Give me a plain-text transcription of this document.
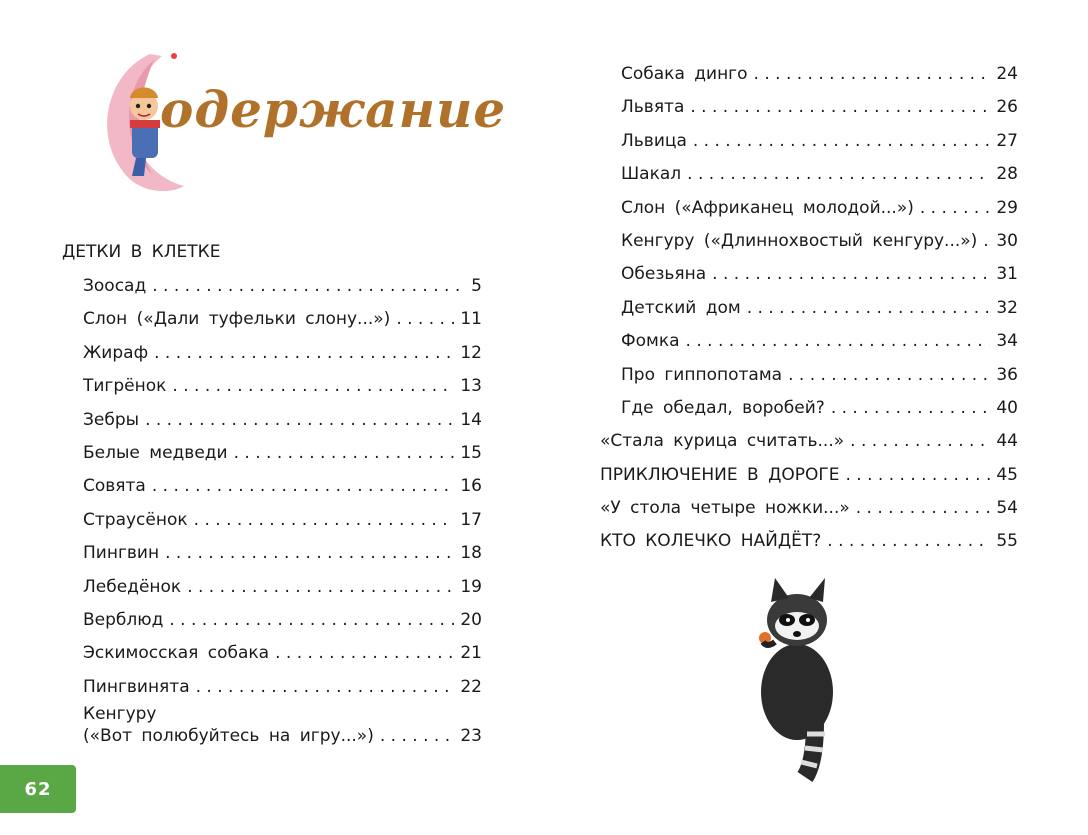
одержание
ДЕТКИ В КЛЕТКЕ
Зоосад . . .	5
Слон («Дали туфельки слону...») . . .	11
Жираф . . .	12
Тигрёнок . . .	13
Зебры . . .	14
Белые медведи . . .	15
Совята . . .	16
Страусёнок . . .	17
Пингвин . . .	18
Лебедёнок . . .	19
Верблюд . . .	20
Эскимосская собака . . .	21
Пингвинята . . .	22
Кенгуру
(«Вот полюбуйтесь на игру...») . . .	23
Собака динго . . .	24
Львята . . .	26
Львица . . .	27
Шакал . . .	28
Слон («Африканец молодой...») . . .	29
Кенгуру («Длиннохвостый кенгуру...») . . . 30
Обезьяна . . .	31
Детский дом . . .	32
Фомка . . .	34
Про гиппопотама . . .	36
Где обедал, воробей? . . .	40
«Стала курица считать...» . . .	44
ПРИКЛЮЧЕНИЕ В ДОРОГЕ . . .	45
«У стола четыре ножки...» . . .	54
КТО КОЛЕЧКО НАЙДЁТ? . . .	55
62
